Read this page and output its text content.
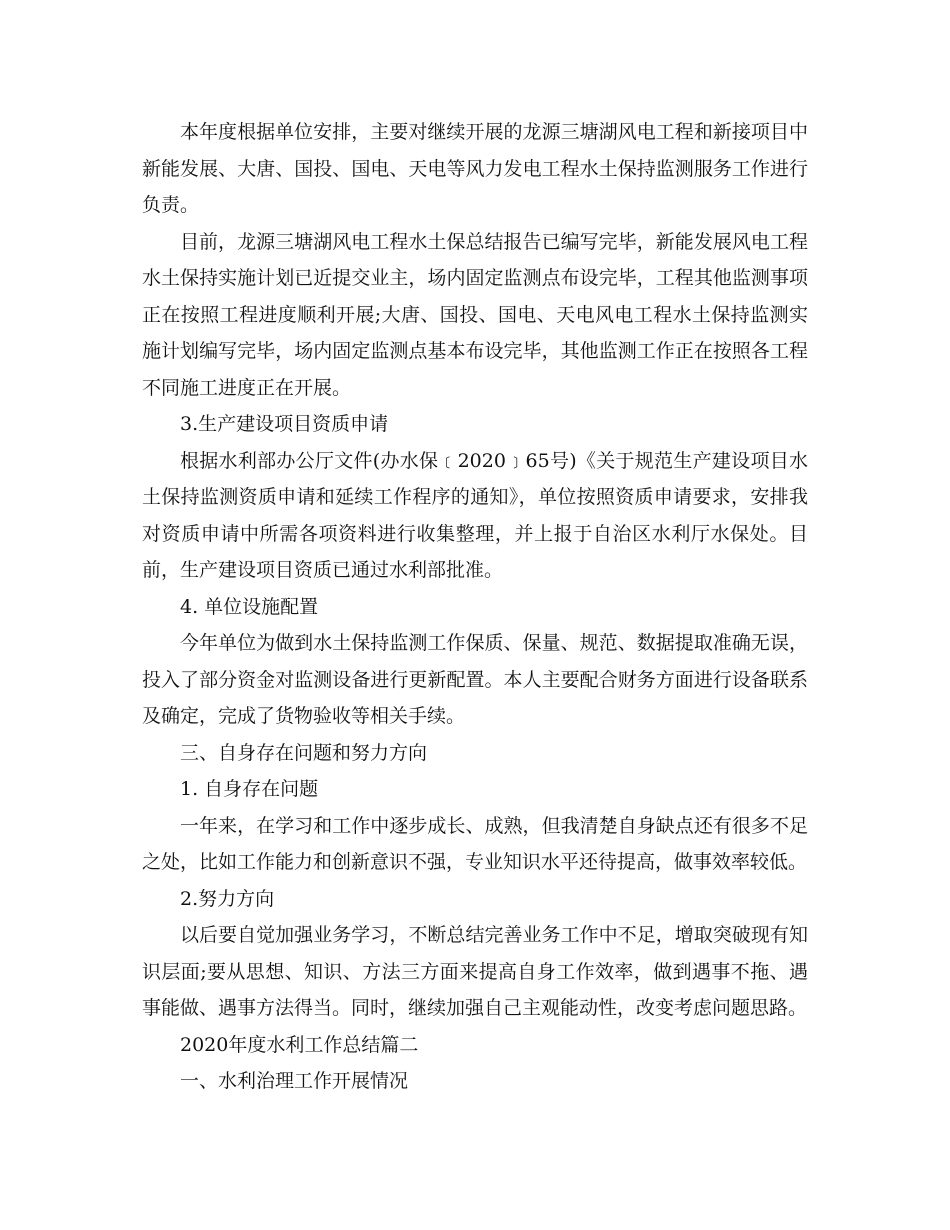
本年度根据单位安排，主要对继续开展的龙源三塘湖风电工程和新接项目中新能发展、大唐、国投、国电、天电等风力发电工程水土保持监测服务工作进行负责。

目前，龙源三塘湖风电工程水土保总结报告已编写完毕，新能发展风电工程水土保持实施计划已近提交业主，场内固定监测点布设完毕，工程其他监测事项正在按照工程进度顺利开展;大唐、国投、国电、天电风电工程水土保持监测实施计划编写完毕，场内固定监测点基本布设完毕，其他监测工作正在按照各工程不同施工进度正在开展。

3.生产建设项目资质申请

根据水利部办公厅文件(办水保﹝2020﹞65号)《关于规范生产建设项目水土保持监测资质申请和延续工作程序的通知》，单位按照资质申请要求，安排我对资质申请中所需各项资料进行收集整理，并上报于自治区水利厅水保处。目前，生产建设项目资质已通过水利部批准。

4. 单位设施配置

今年单位为做到水土保持监测工作保质、保量、规范、数据提取准确无误，投入了部分资金对监测设备进行更新配置。本人主要配合财务方面进行设备联系及确定，完成了货物验收等相关手续。

三、自身存在问题和努力方向

1. 自身存在问题

一年来，在学习和工作中逐步成长、成熟，但我清楚自身缺点还有很多不足之处，比如工作能力和创新意识不强，专业知识水平还待提高，做事效率较低。

2.努力方向

以后要自觉加强业务学习，不断总结完善业务工作中不足，增取突破现有知识层面;要从思想、知识、方法三方面来提高自身工作效率，做到遇事不拖、遇事能做、遇事方法得当。同时，继续加强自己主观能动性，改变考虑问题思路。

2020年度水利工作总结篇二

一、水利治理工作开展情况
